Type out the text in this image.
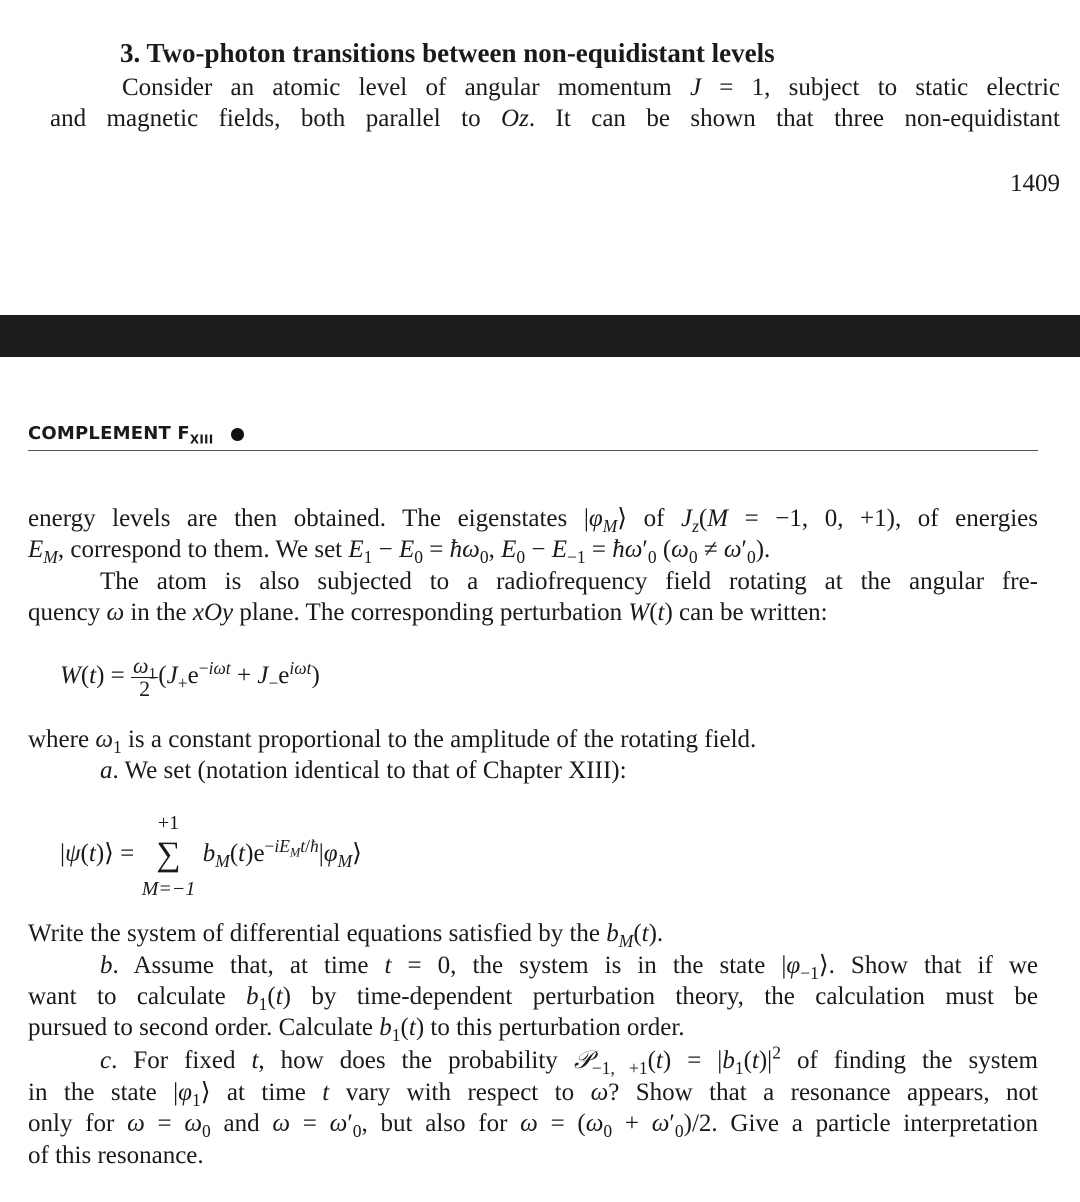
3. Two-photon transitions between non-equidistant levels
Consider an atomic level of angular momentum J = 1, subject to static electric
and magnetic fields, both parallel to Oz. It can be shown that three non-equidistant
1409
COMPLEMENT $F_{XIII}$
energy levels are then obtained. The eigenstates $|\varphi_M⟩$ of $J_z(M = -1$, 0, +1), of energies
$E_M$, correspond to them. We set $E_1 - E_0$ = $ħ\omega_0$, $E_0 - E_{-1}$ = $ħ\omega'_0$ $(\omega_0 \ne \omega'_0)$.
The atom is also subjected to a radiofrequency field rotating at the angular fre-
quency ω in the xOy plane. The corresponding perturbation W(t) can be written:
$W(t) = \frac{\omega_1}{2} (J_+e^{-i\omega t} + J_-e^{i\omega t})$
where $\omega_1$ is a constant proportional to the amplitude of the rotating field.
a. We set (notation identical to that of Chapter XIII):
|ψ(t)⟩ =
+1
∑
M=−1
$b_M(t)e^{-iE_Mt/ħ}|\varphi_M⟩$
Write the system of differential equations satisfied by the $b_M(t)$.
b. Assume that, at time t = 0, the system is in the state $|\varphi_{-1}⟩$. Show that if we
want to calculate $b_1(t)$ by time-dependent perturbation theory, the calculation must be
pursued to second order. Calculate $b_1(t)$ to this perturbation order.
c. For fixed t, how does the probability 𝒫$_{-1, +1}$(t) = $|b_1(t)|^2$ of finding the system
in the state $|\varphi_1⟩$ at time t vary with respect to ω? Show that a resonance appears, not
only for $\omega = \omega_0$ and $\omega = \omega'_0$, but also for $\omega = (\omega_0 + \omega'_0)/2$. Give a particle interpretation
of this resonance.
